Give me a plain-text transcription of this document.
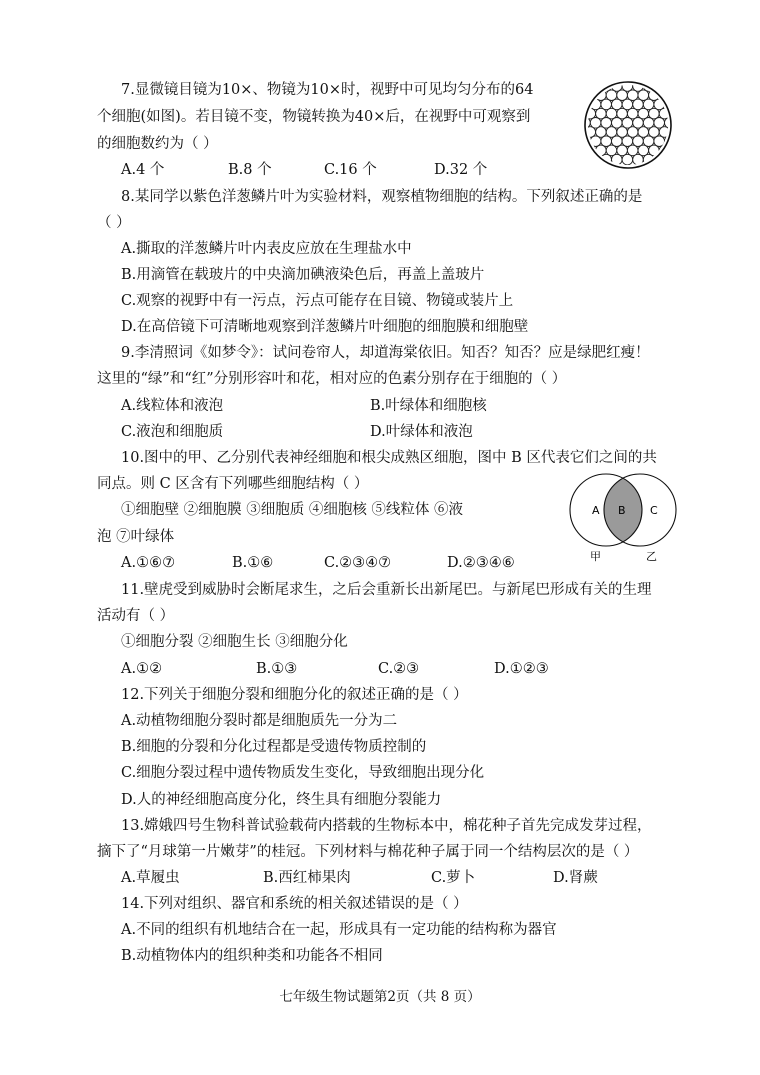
7.显微镜目镜为10×、物镜为10×时，视野中可见均匀分布的64
个细胞(如图)。若目镜不变，物镜转换为40×后，在视野中可观察到
的细胞数约为（ ）
A.4 个	B.8 个	C.16 个	D.32 个
8.某同学以紫色洋葱鳞片叶为实验材料，观察植物细胞的结构。下列叙述正确的是
（ ）
A.撕取的洋葱鳞片叶内表皮应放在生理盐水中
B.用滴管在载玻片的中央滴加碘液染色后，再盖上盖玻片
C.观察的视野中有一污点，污点可能存在目镜、物镜或装片上
D.在高倍镜下可清晰地观察到洋葱鳞片叶细胞的细胞膜和细胞壁
9.李清照词《如梦令》：试问卷帘人，却道海棠依旧。知否？知否？应是绿肥红瘦！
这里的“绿”和“红”分别形容叶和花，相对应的色素分别存在于细胞的（ ）
A.线粒体和液泡	B.叶绿体和细胞核
C.液泡和细胞质	D.叶绿体和液泡
10.图中的甲、乙分别代表神经细胞和根尖成熟区细胞，图中 B 区代表它们之间的共
同点。则 C 区含有下列哪些细胞结构（ ）
①细胞壁 ②细胞膜 ③细胞质 ④细胞核 ⑤线粒体 ⑥液
泡 ⑦叶绿体
A.①⑥⑦	B.①⑥	C.②③④⑦	D.②③④⑥
A B C
甲	乙
11.壁虎受到威胁时会断尾求生，之后会重新长出新尾巴。与新尾巴形成有关的生理
活动有（ ）
①细胞分裂 ②细胞生长 ③细胞分化
A.①②	B.①③	C.②③	D.①②③
12.下列关于细胞分裂和细胞分化的叙述正确的是（ ）
A.动植物细胞分裂时都是细胞质先一分为二
B.细胞的分裂和分化过程都是受遗传物质控制的
C.细胞分裂过程中遗传物质发生变化，导致细胞出现分化
D.人的神经细胞高度分化，终生具有细胞分裂能力
13.嫦娥四号生物科普试验载荷内搭载的生物标本中，棉花种子首先完成发芽过程，
摘下了“月球第一片嫩芽”的桂冠。下列材料与棉花种子属于同一个结构层次的是（ ）
A.草履虫	B.西红柿果肉	C.萝卜	D.肾蕨
14.下列对组织、器官和系统的相关叙述错误的是（ ）
A.不同的组织有机地结合在一起，形成具有一定功能的结构称为器官
B.动植物体内的组织种类和功能各不相同
七年级生物试题第2页（共 8 页）
